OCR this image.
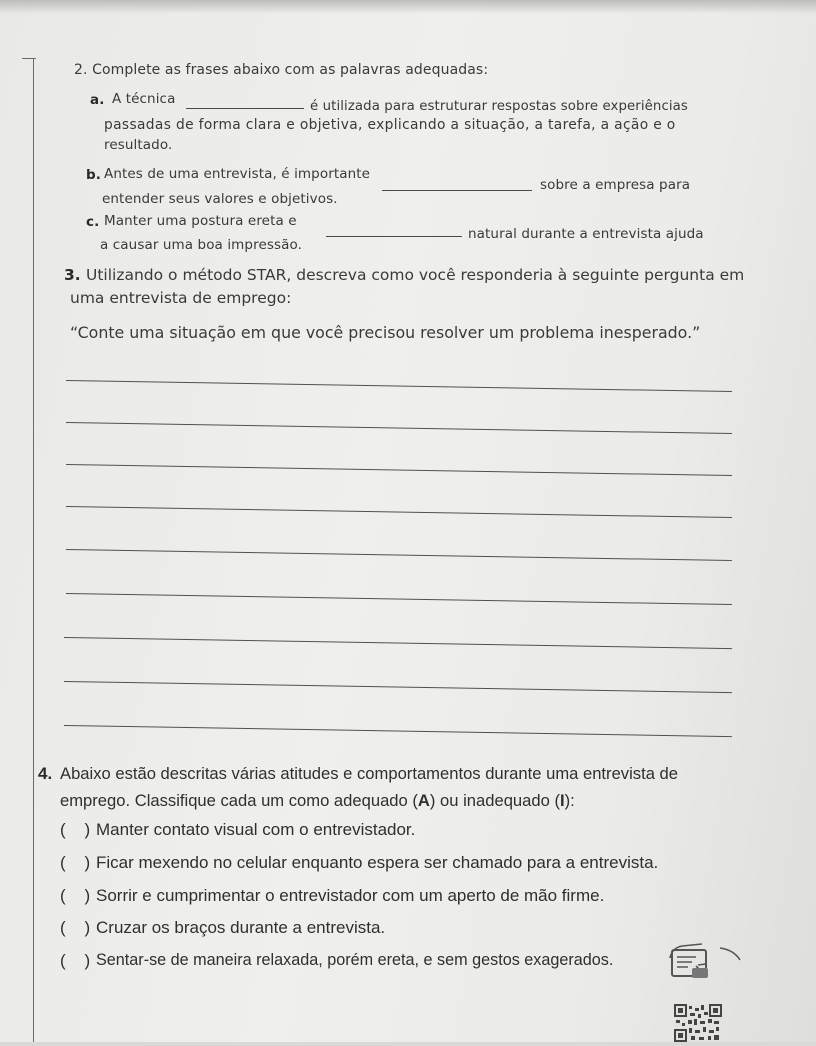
2. Complete as frases abaixo com as palavras adequadas:
a. A técnica	é utilizada para estruturar respostas sobre experiências
passadas de forma clara e objetiva, explicando a situação, a tarefa, a ação e o
resultado.
b. Antes de uma entrevista, é importante
sobre a empresa para
entender seus valores e objetivos.
c. Manter uma postura ereta e
natural durante a entrevista ajuda
a causar uma boa impressão.
3. Utilizando o método STAR, descreva como você responderia à seguinte pergunta em
uma entrevista de emprego:
“Conte uma situação em que você precisou resolver um problema inesperado.”
4. Abaixo estão descritas várias atitudes e comportamentos durante uma entrevista de
emprego. Classifique cada um como adequado (A) ou inadequado (I):
(    ) Manter contato visual com o entrevistador.
(    ) Ficar mexendo no celular enquanto espera ser chamado para a entrevista.
(    ) Sorrir e cumprimentar o entrevistador com um aperto de mão firme.
(    ) Cruzar os braços durante a entrevista.
(    ) Sentar-se de maneira relaxada, porém ereta, e sem gestos exagerados.
